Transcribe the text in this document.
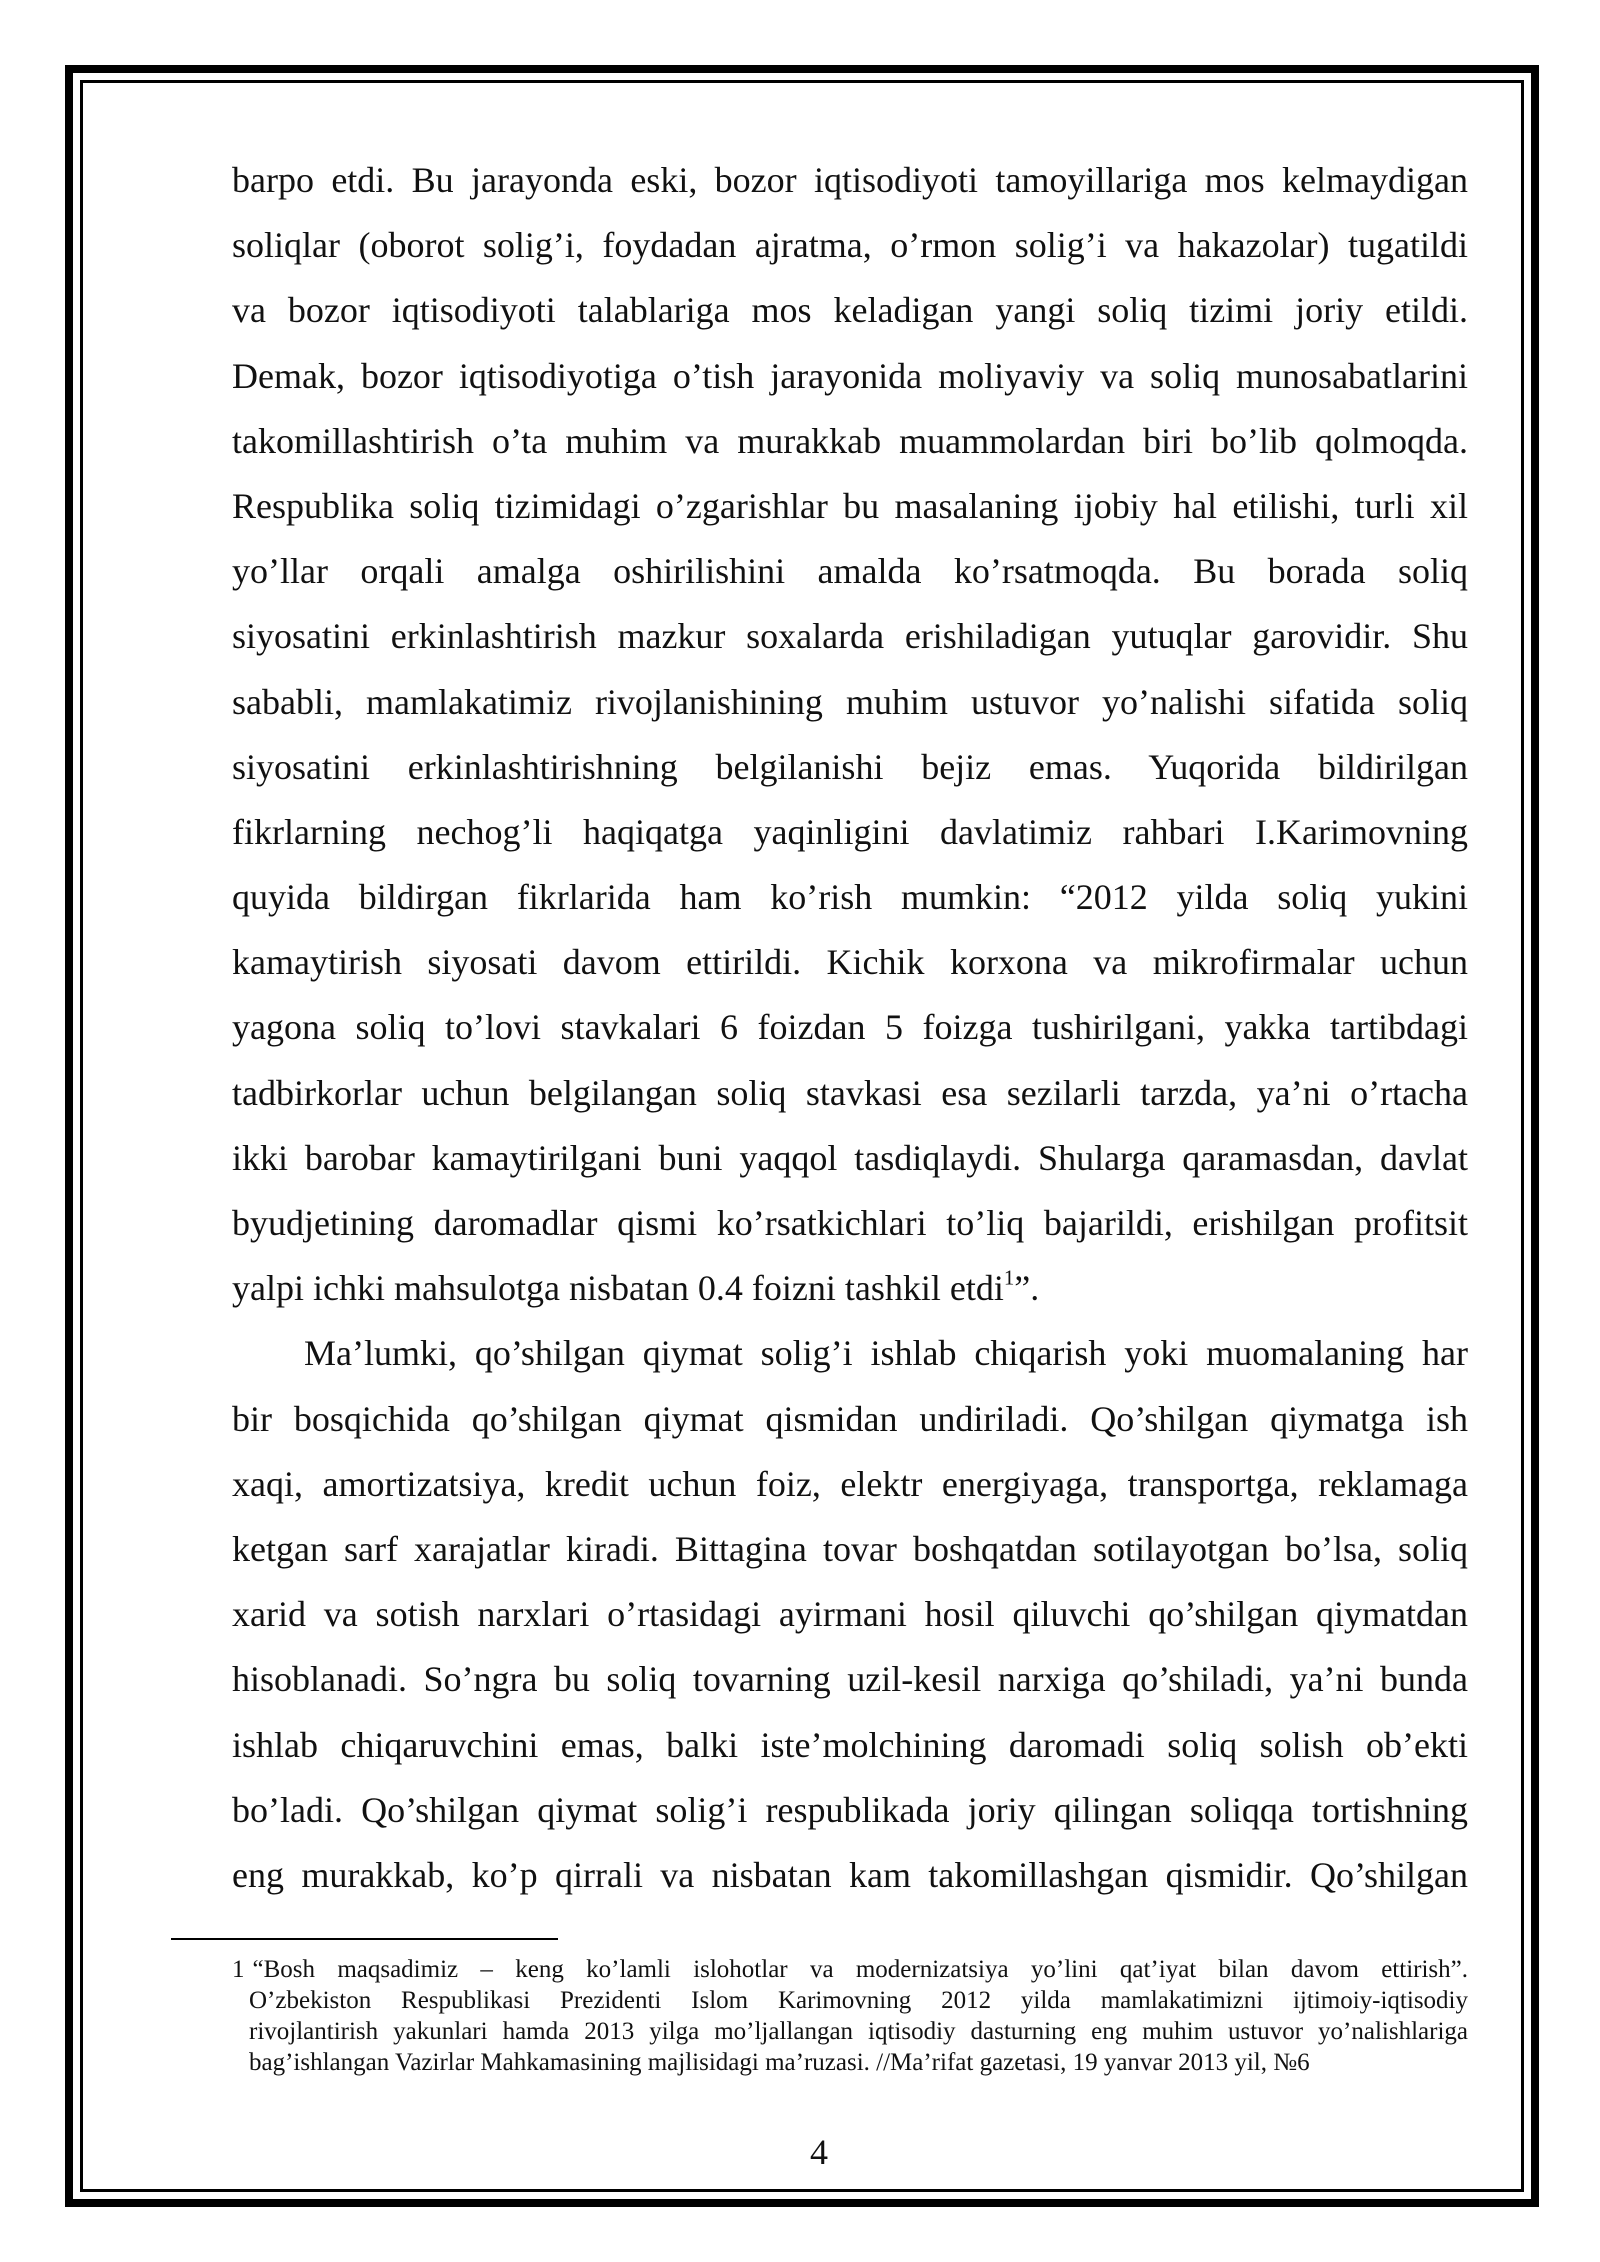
barpo etdi. Bu jarayonda eski, bozor iqtisodiyoti tamoyillariga mos kelmaydigan
soliqlar (oborot solig’i, foydadan ajratma, o’rmon solig’i va hakazolar) tugatildi
va bozor iqtisodiyoti talablariga mos keladigan yangi soliq tizimi joriy etildi.
Demak, bozor iqtisodiyotiga o’tish jarayonida moliyaviy va soliq munosabatlarini
takomillashtirish o’ta muhim va murakkab muammolardan biri bo’lib qolmoqda.
Respublika soliq tizimidagi o’zgarishlar bu masalaning ijobiy hal etilishi, turli xil
yo’llar orqali amalga oshirilishini amalda ko’rsatmoqda. Bu borada soliq
siyosatini erkinlashtirish mazkur soxalarda erishiladigan yutuqlar garovidir. Shu
sababli, mamlakatimiz rivojlanishining muhim ustuvor yo’nalishi sifatida soliq
siyosatini erkinlashtirishning belgilanishi bejiz emas. Yuqorida bildirilgan
fikrlarning nechog’li haqiqatga yaqinligini davlatimiz rahbari I.Karimovning
quyida bildirgan fikrlarida ham ko’rish mumkin: “2012 yilda soliq yukini
kamaytirish siyosati davom ettirildi. Kichik korxona va mikrofirmalar uchun
yagona soliq to’lovi stavkalari 6 foizdan 5 foizga tushirilgani, yakka tartibdagi
tadbirkorlar uchun belgilangan soliq stavkasi esa sezilarli tarzda, ya’ni o’rtacha
ikki barobar kamaytirilgani buni yaqqol tasdiqlaydi. Shularga qaramasdan, davlat
byudjetining daromadlar qismi ko’rsatkichlari to’liq bajarildi, erishilgan profitsit
yalpi ichki mahsulotga nisbatan 0.4 foizni tashkil etdi$^1$”.
Ma’lumki, qo’shilgan qiymat solig’i ishlab chiqarish yoki muomalaning har
bir bosqichida qo’shilgan qiymat qismidan undiriladi. Qo’shilgan qiymatga ish
xaqi, amortizatsiya, kredit uchun foiz, elektr energiyaga, transportga, reklamaga
ketgan sarf xarajatlar kiradi. Bittagina tovar boshqatdan sotilayotgan bo’lsa, soliq
xarid va sotish narxlari o’rtasidagi ayirmani hosil qiluvchi qo’shilgan qiymatdan
hisoblanadi. So’ngra bu soliq tovarning uzil-kesil narxiga qo’shiladi, ya’ni bunda
ishlab chiqaruvchini emas, balki iste’molchining daromadi soliq solish ob’ekti
bo’ladi. Qo’shilgan qiymat solig’i respublikada joriy qilingan soliqqa tortishning
eng murakkab, ko’p qirrali va nisbatan kam takomillashgan qismidir. Qo’shilgan
1 “Bosh maqsadimiz – keng ko’lamli islohotlar va modernizatsiya yo’lini qat’iyat bilan davom ettirish”.
O’zbekiston Respublikasi Prezidenti Islom Karimovning 2012 yilda mamlakatimizni ijtimoiy-iqtisodiy
rivojlantirish yakunlari hamda 2013 yilga mo’ljallangan iqtisodiy dasturning eng muhim ustuvor yo’nalishlariga
bag’ishlangan Vazirlar Mahkamasining majlisidagi ma’ruzasi. //Ma’rifat gazetasi, 19 yanvar 2013 yil, №6
4
